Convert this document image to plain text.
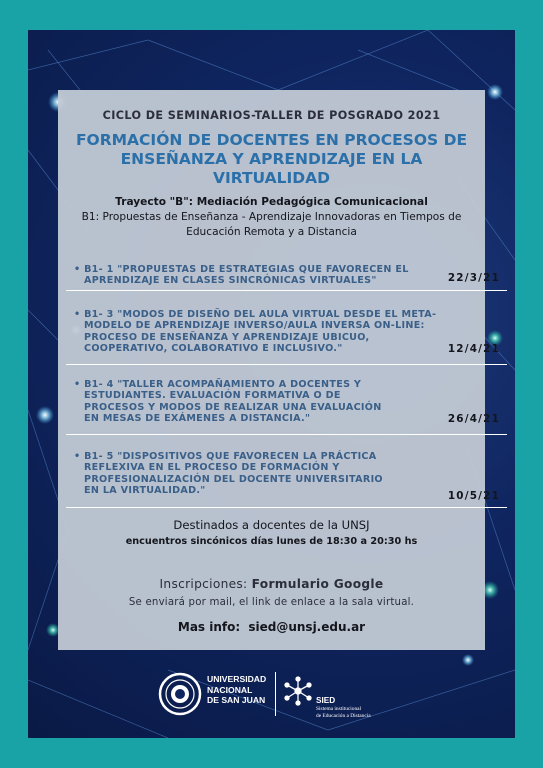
CICLO DE SEMINARIOS-TALLER DE POSGRADO 2021
FORMACIÓN DE DOCENTES EN PROCESOS DE
ENSEÑANZA Y APRENDIZAJE EN LA
VIRTUALIDAD
Trayecto "B": Mediación Pedagógica Comunicacional
B1: Propuestas de Enseñanza - Aprendizaje Innovadoras en Tiempos de
Educación Remota y a Distancia
• B1- 1 "PROPUESTAS DE ESTRATEGIAS QUE FAVORECEN EL
APRENDIZAJE EN CLASES SINCRÓNICAS VIRTUALES"	22/3/21
• B1- 3 "MODOS DE DISEÑO DEL AULA VIRTUAL DESDE EL META-
MODELO DE APRENDIZAJE INVERSO/AULA INVERSA ON-LINE:
PROCESO DE ENSEÑANZA Y APRENDIZAJE UBICUO,
COOPERATIVO, COLABORATIVO E INCLUSIVO."	12/4/21
• B1- 4 "TALLER ACOMPAÑAMIENTO A DOCENTES Y
ESTUDIANTES. EVALUACIÓN FORMATIVA O DE
PROCESOS Y MODOS DE REALIZAR UNA EVALUACIÓN
EN MESAS DE EXÁMENES A DISTANCIA."	26/4/21
• B1- 5 "DISPOSITIVOS QUE FAVORECEN LA PRÁCTICA
REFLEXIVA EN EL PROCESO DE FORMACIÓN Y
PROFESIONALIZACIÓN DEL DOCENTE UNIVERSITARIO
EN LA VIRTUALIDAD."	10/5/21
Destinados a docentes de la UNSJ
encuentros sincónicos días lunes de 18:30 a 20:30 hs
Inscripciones: Formulario Google
Se enviará por mail, el link de enlace a la sala virtual.
Mas info: sied@unsj.edu.ar
UNIVERSIDAD
NACIONAL
DE SAN JUAN	SIED
Sistema institucional
de Educación a Distancia
